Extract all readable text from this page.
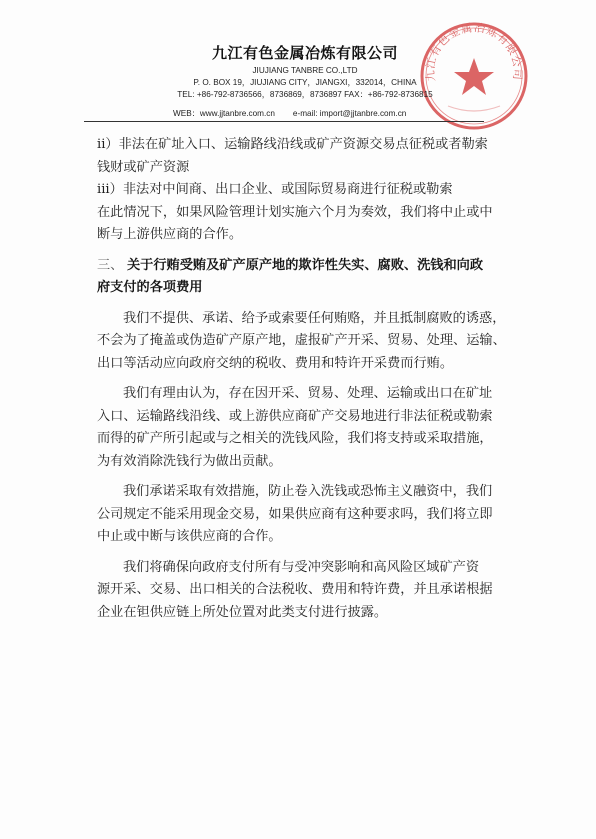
九江有色金属冶炼有限公司

九江有色金属冶炼有限公司

JIUJIANG TANBRE CO.,LTD

P. O. BOX 19，JIUJIANG CITY，JIANGXI，332014，CHINA

TEL: +86-792-8736566，8736869，8736897 FAX：+86-792-8736815

WEB：www.jjtanbre.com.cn e-mail: import@jjtanbre.com.cn

ii）非法在矿址入口、运输路线沿线或矿产资源交易点征税或者勒索

钱财或矿产资源

iii）非法对中间商、出口企业、或国际贸易商进行征税或勒索

在此情况下，如果风险管理计划实施六个月为奏效，我们将中止或中

断与上游供应商的合作。

三、 关于行贿受贿及矿产原产地的欺诈性失实、腐败、洗钱和向政

府支付的各项费用

我们不提供、承诺、给予或索要任何贿赂，并且抵制腐败的诱惑，

不会为了掩盖或伪造矿产原产地，虚报矿产开采、贸易、处理、运输、

出口等活动应向政府交纳的税收、费用和特许开采费而行贿。

我们有理由认为，存在因开采、贸易、处理、运输或出口在矿址

入口、运输路线沿线、或上游供应商矿产交易地进行非法征税或勒索

而得的矿产所引起或与之相关的洗钱风险，我们将支持或采取措施，

为有效消除洗钱行为做出贡献。

我们承诺采取有效措施，防止卷入洗钱或恐怖主义融资中，我们

公司规定不能采用现金交易，如果供应商有这种要求吗，我们将立即

中止或中断与该供应商的合作。

我们将确保向政府支付所有与受冲突影响和高风险区域矿产资

源开采、交易、出口相关的合法税收、费用和特许费，并且承诺根据

企业在钽供应链上所处位置对此类支付进行披露。
